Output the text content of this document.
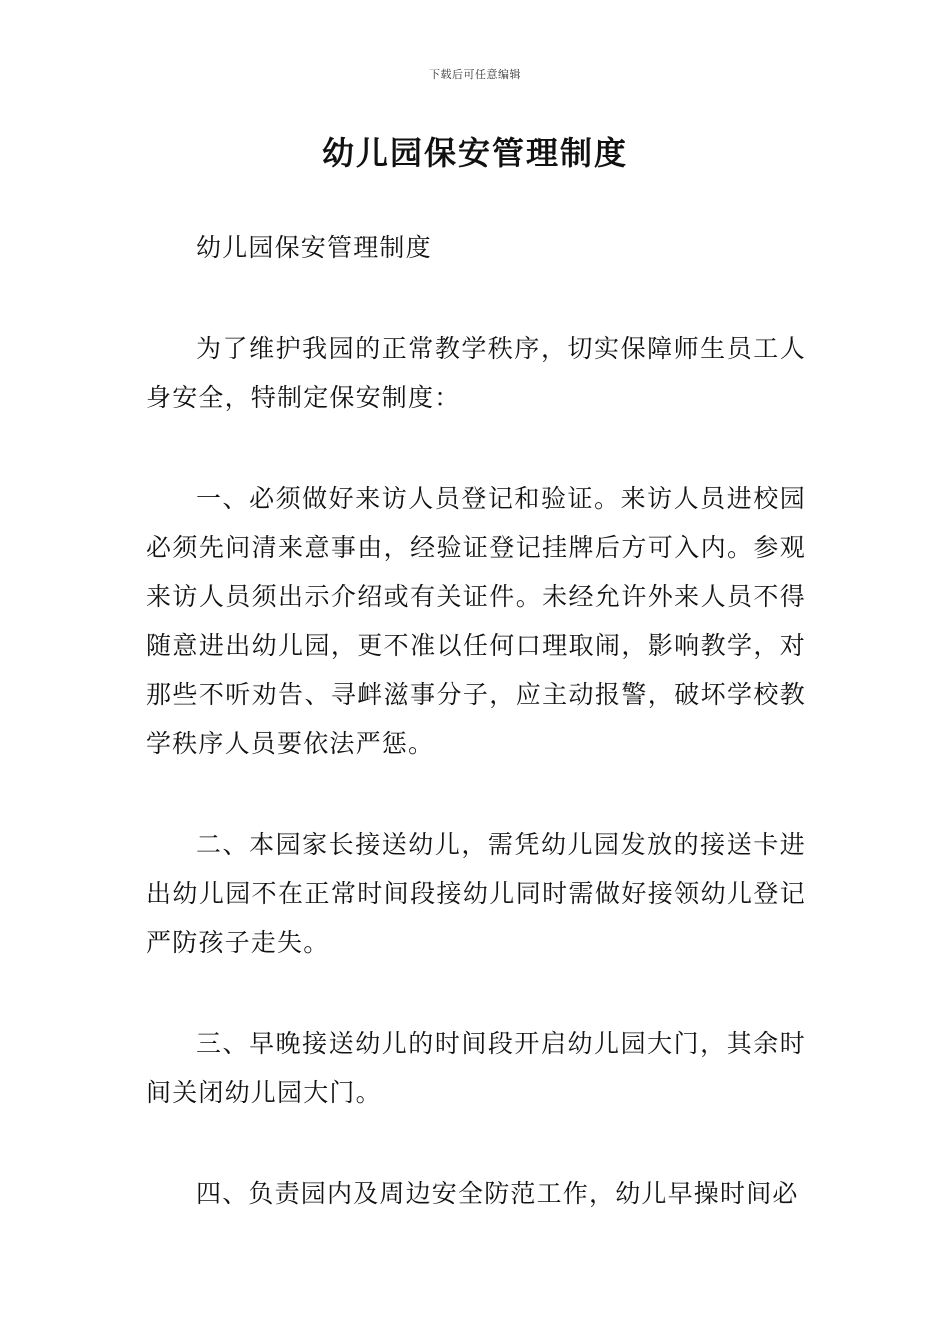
下载后可任意编辑
幼儿园保安管理制度

幼儿园保安管理制度

为了维护我园的正常教学秩序，切实保障师生员工人身安全，特制定保安制度：

一、必须做好来访人员登记和验证。来访人员进校园必须先问清来意事由，经验证登记挂牌后方可入内。参观来访人员须出示介绍或有关证件。未经允许外来人员不得随意进出幼儿园，更不准以任何口理取闹，影响教学，对那些不听劝告、寻衅滋事分子，应主动报警，破坏学校教学秩序人员要依法严惩。

二、本园家长接送幼儿，需凭幼儿园发放的接送卡进出幼儿园不在正常时间段接幼儿同时需做好接领幼儿登记严防孩子走失。

三、早晚接送幼儿的时间段开启幼儿园大门，其余时间关闭幼儿园大门。

四、负责园内及周边安全防范工作，幼儿早操时间必
